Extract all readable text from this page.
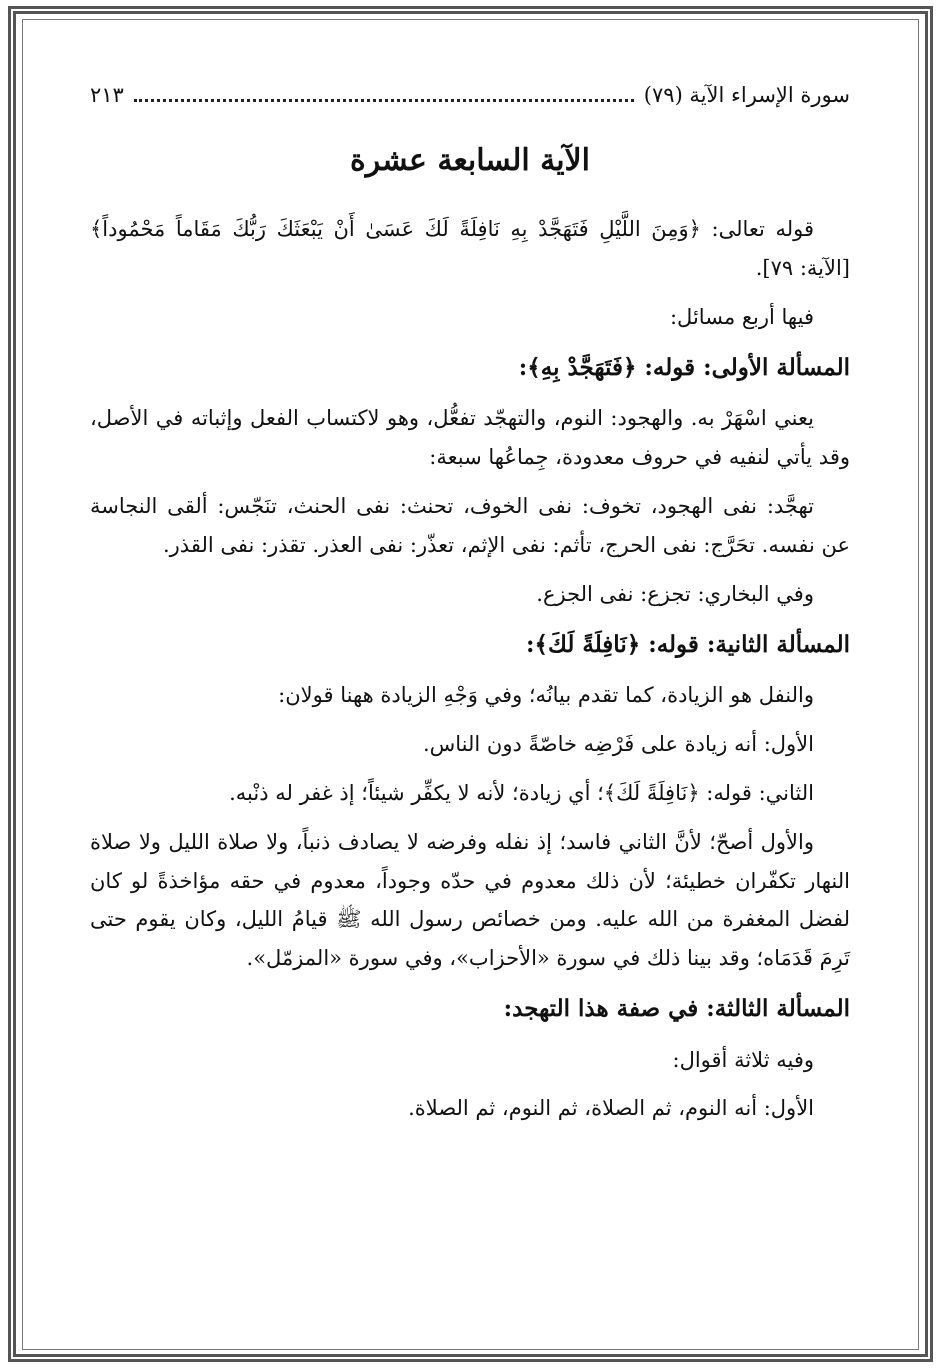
سورة الإسراء الآية (٧٩)
٢١٣
الآية السابعة عشرة

قوله تعالى: ﴿وَمِنَ اللَّيْلِ فَتَهَجَّدْ بِهِ نَافِلَةً لَكَ عَسَىٰ أَنْ يَبْعَثَكَ رَبُّكَ مَقَاماً مَحْمُوداً﴾ [الآية: ٧٩].

فيها أربع مسائل:

المسألة الأولى: قوله: ﴿فَتَهَجَّدْ بِهِ﴾:

يعني اسْهَرْ به. والهجود: النوم، والتهجّد تفعُّل، وهو لاكتساب الفعل وإثباته في الأصل، وقد يأتي لنفيه في حروف معدودة، جِماعُها سبعة:

تهجَّد: نفى الهجود، تخوف: نفى الخوف، تحنث: نفى الحنث، تنَجّس: ألقى النجاسة عن نفسه. تحَرَّج: نفى الحرج، تأثم: نفى الإثم، تعذّر: نفى العذر. تقذر: نفى القذر.

وفي البخاري: تجزع: نفى الجزع.

المسألة الثانية: قوله: ﴿نَافِلَةً لَكَ﴾:

والنفل هو الزيادة، كما تقدم بيانُه؛ وفي وَجْهِ الزيادة ههنا قولان:

الأول: أنه زيادة على فَرْضِه خاصّةً دون الناس.

الثاني: قوله: ﴿نَافِلَةً لَكَ﴾؛ أي زيادة؛ لأنه لا يكفِّر شيئاً؛ إذ غفر له ذنْبه.

والأول أصحّ؛ لأنَّ الثاني فاسد؛ إذ نفله وفرضه لا يصادف ذنباً، ولا صلاة الليل ولا صلاة النهار تكفّران خطيئة؛ لأن ذلك معدوم في حدّه وجوداً، معدوم في حقه مؤاخذةً لو كان لفضل المغفرة من الله عليه. ومن خصائص رسول الله ﷺ قيامُ الليل، وكان يقوم حتى تَرِمَ قَدَمَاه؛ وقد بينا ذلك في سورة «الأحزاب»، وفي سورة «المزمّل».

المسألة الثالثة: في صفة هذا التهجد:

وفيه ثلاثة أقوال:

الأول: أنه النوم، ثم الصلاة، ثم النوم، ثم الصلاة.
